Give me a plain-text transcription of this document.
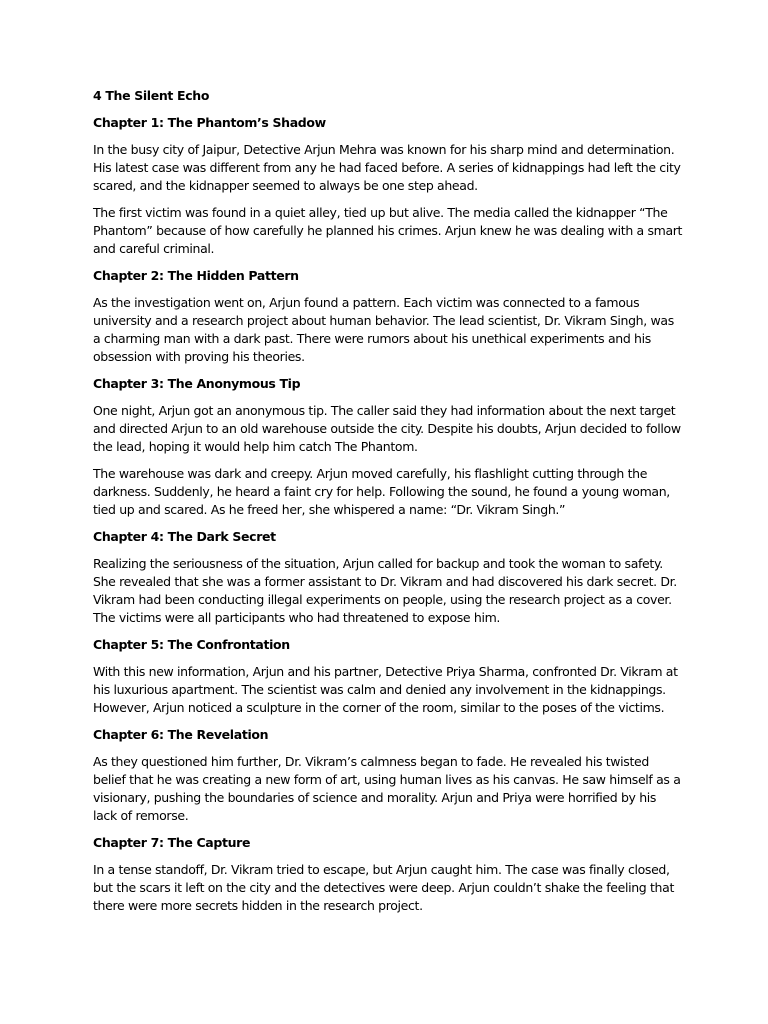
4 The Silent Echo
Chapter 1: The Phantom’s Shadow
In the busy city of Jaipur, Detective Arjun Mehra was known for his sharp mind and determination. His latest case was different from any he had faced before. A series of kidnappings had left the city scared, and the kidnapper seemed to always be one step ahead.
The first victim was found in a quiet alley, tied up but alive. The media called the kidnapper “The Phantom” because of how carefully he planned his crimes. Arjun knew he was dealing with a smart and careful criminal.
Chapter 2: The Hidden Pattern
As the investigation went on, Arjun found a pattern. Each victim was connected to a famous university and a research project about human behavior. The lead scientist, Dr. Vikram Singh, was a charming man with a dark past. There were rumors about his unethical experiments and his obsession with proving his theories.
Chapter 3: The Anonymous Tip
One night, Arjun got an anonymous tip. The caller said they had information about the next target and directed Arjun to an old warehouse outside the city. Despite his doubts, Arjun decided to follow the lead, hoping it would help him catch The Phantom.
The warehouse was dark and creepy. Arjun moved carefully, his flashlight cutting through the darkness. Suddenly, he heard a faint cry for help. Following the sound, he found a young woman, tied up and scared. As he freed her, she whispered a name: “Dr. Vikram Singh.”
Chapter 4: The Dark Secret
Realizing the seriousness of the situation, Arjun called for backup and took the woman to safety. She revealed that she was a former assistant to Dr. Vikram and had discovered his dark secret. Dr. Vikram had been conducting illegal experiments on people, using the research project as a cover. The victims were all participants who had threatened to expose him.
Chapter 5: The Confrontation
With this new information, Arjun and his partner, Detective Priya Sharma, confronted Dr. Vikram at his luxurious apartment. The scientist was calm and denied any involvement in the kidnappings. However, Arjun noticed a sculpture in the corner of the room, similar to the poses of the victims.
Chapter 6: The Revelation
As they questioned him further, Dr. Vikram’s calmness began to fade. He revealed his twisted belief that he was creating a new form of art, using human lives as his canvas. He saw himself as a visionary, pushing the boundaries of science and morality. Arjun and Priya were horrified by his lack of remorse.
Chapter 7: The Capture
In a tense standoff, Dr. Vikram tried to escape, but Arjun caught him. The case was finally closed, but the scars it left on the city and the detectives were deep. Arjun couldn’t shake the feeling that there were more secrets hidden in the research project.
